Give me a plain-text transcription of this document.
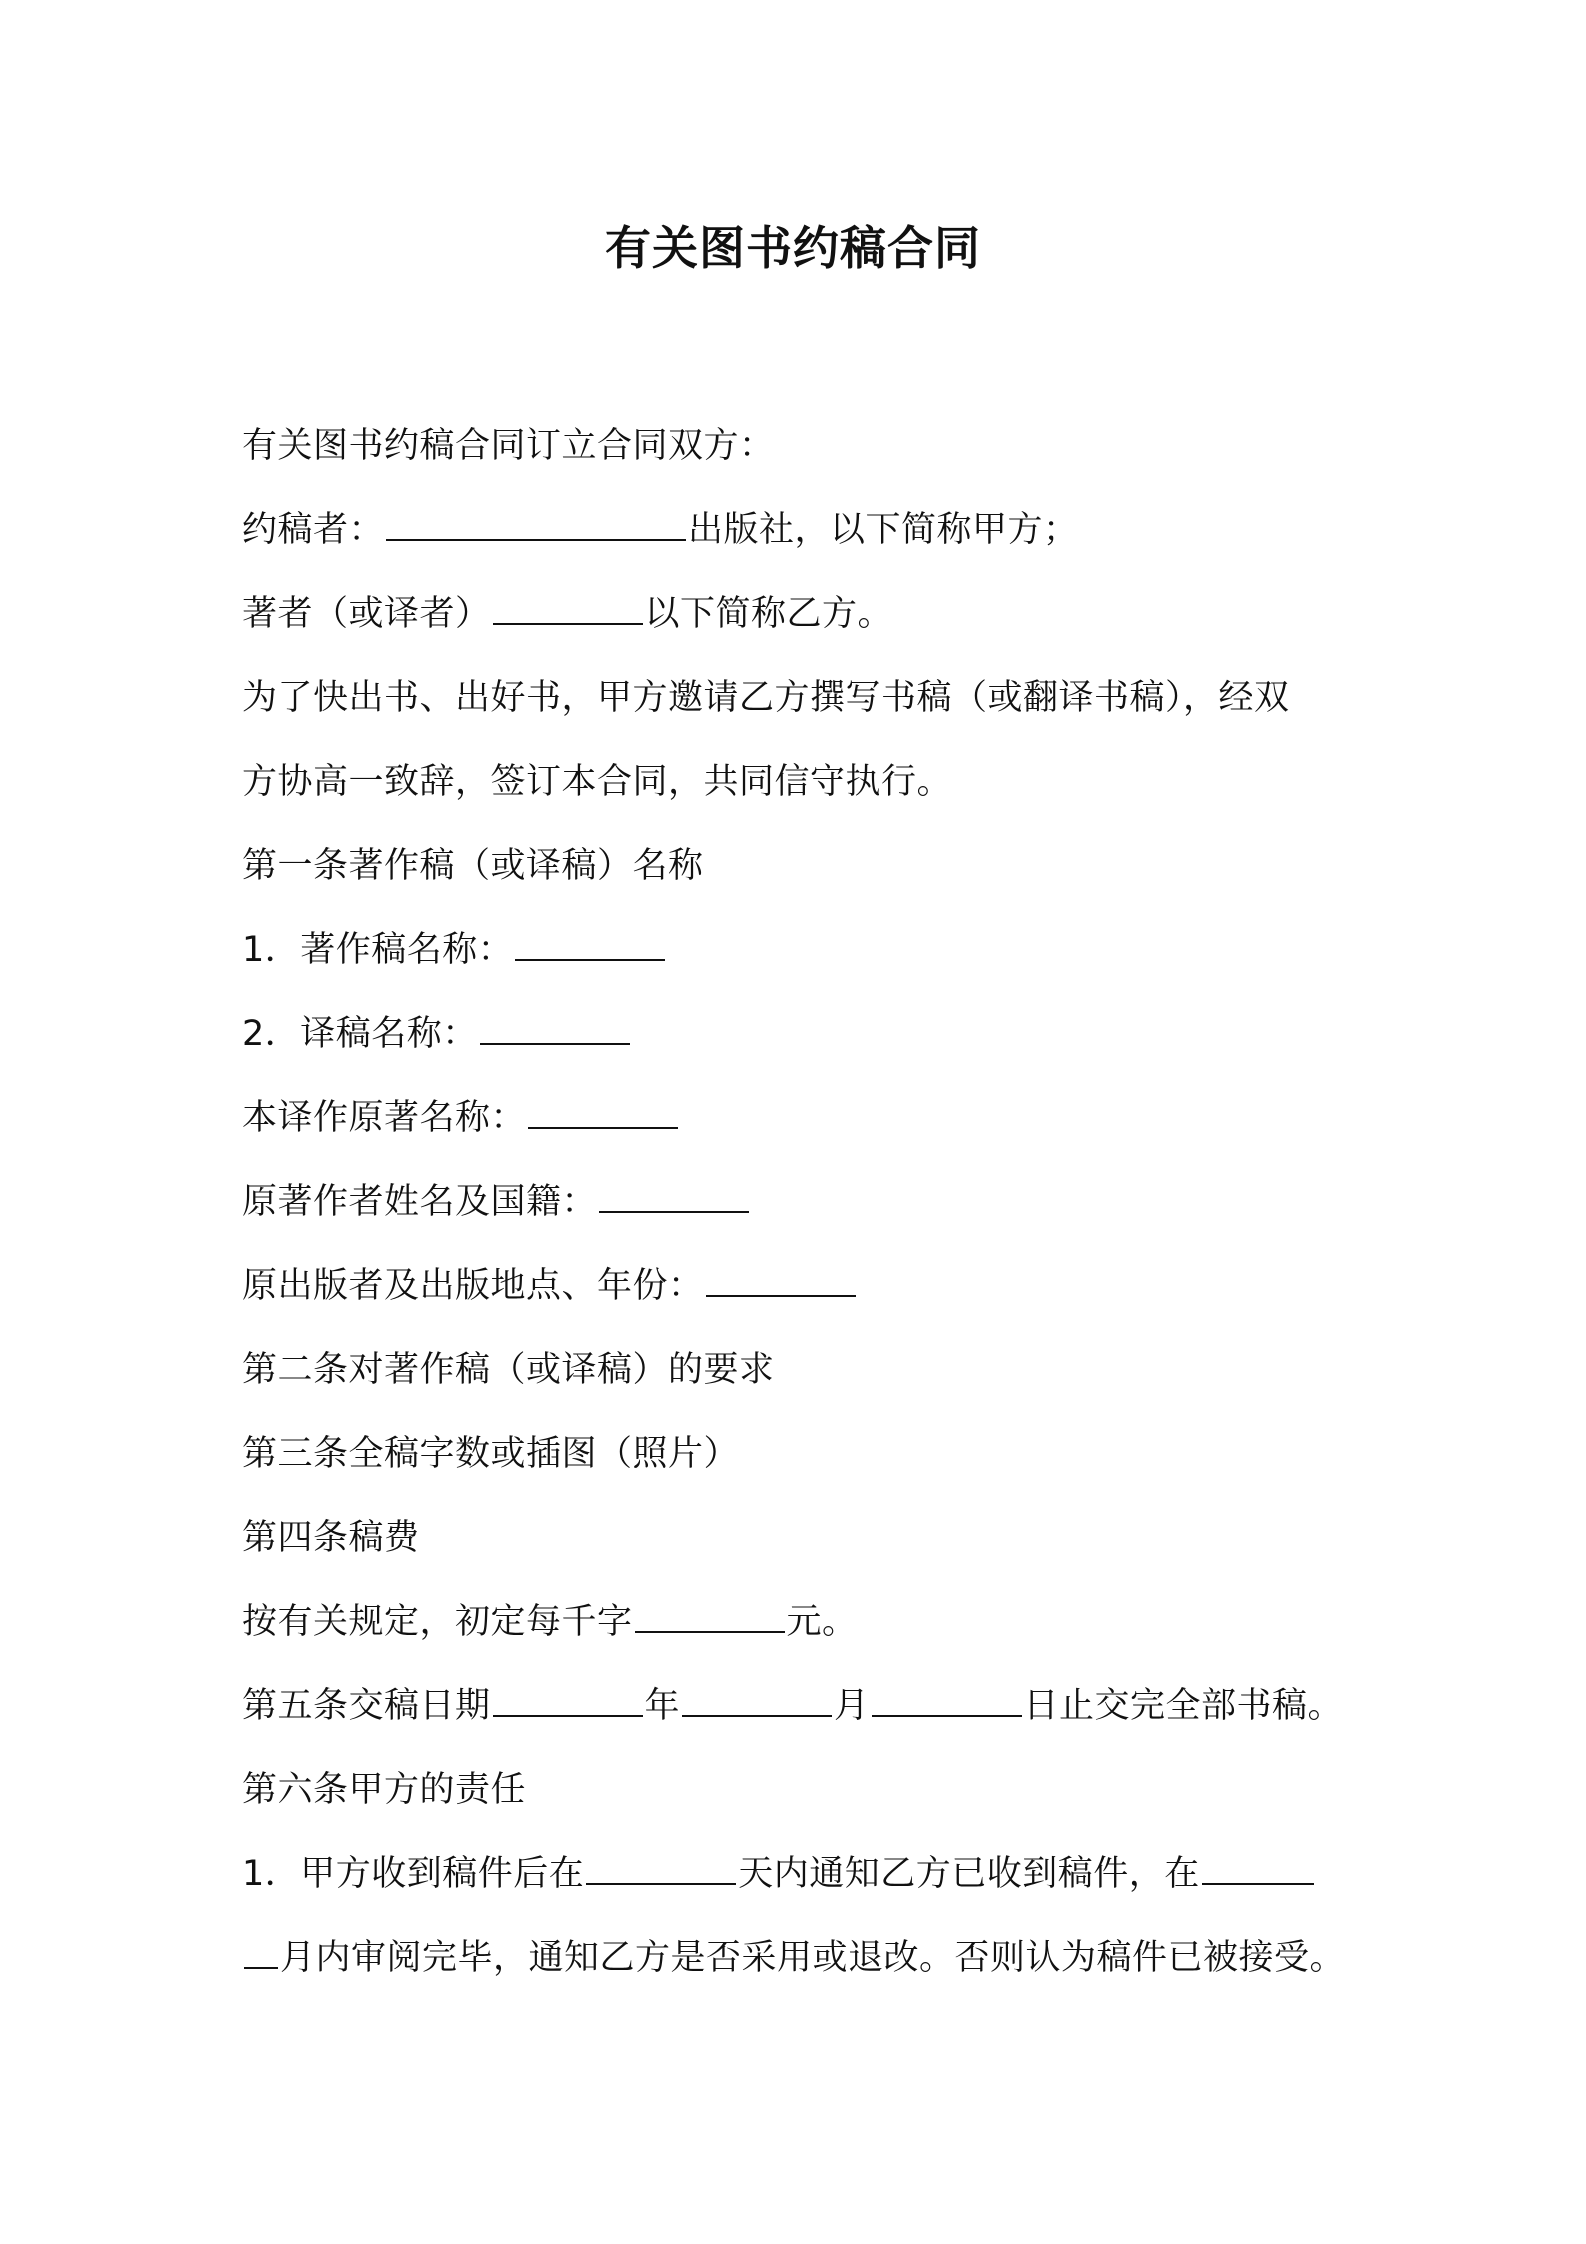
有关图书约稿合同
有关图书约稿合同订立合同双方：
约稿者：	出版社，以下简称甲方；
著者（或译者）	以下简称乙方。
为了快出书、出好书，甲方邀请乙方撰写书稿（或翻译书稿），经双
方协高一致辞，签订本合同，共同信守执行。
第一条著作稿（或译稿）名称
1．著作稿名称：
2．译稿名称：
本译作原著名称：
原著作者姓名及国籍：
原出版者及出版地点、年份：
第二条对著作稿（或译稿）的要求
第三条全稿字数或插图（照片）
第四条稿费
按有关规定，初定每千字	元。
第五条交稿日期	年	月	日止交完全部书稿。
第六条甲方的责任
1．甲方收到稿件后在	天内通知乙方已收到稿件，在
月内审阅完毕，通知乙方是否采用或退改。否则认为稿件已被接受。
